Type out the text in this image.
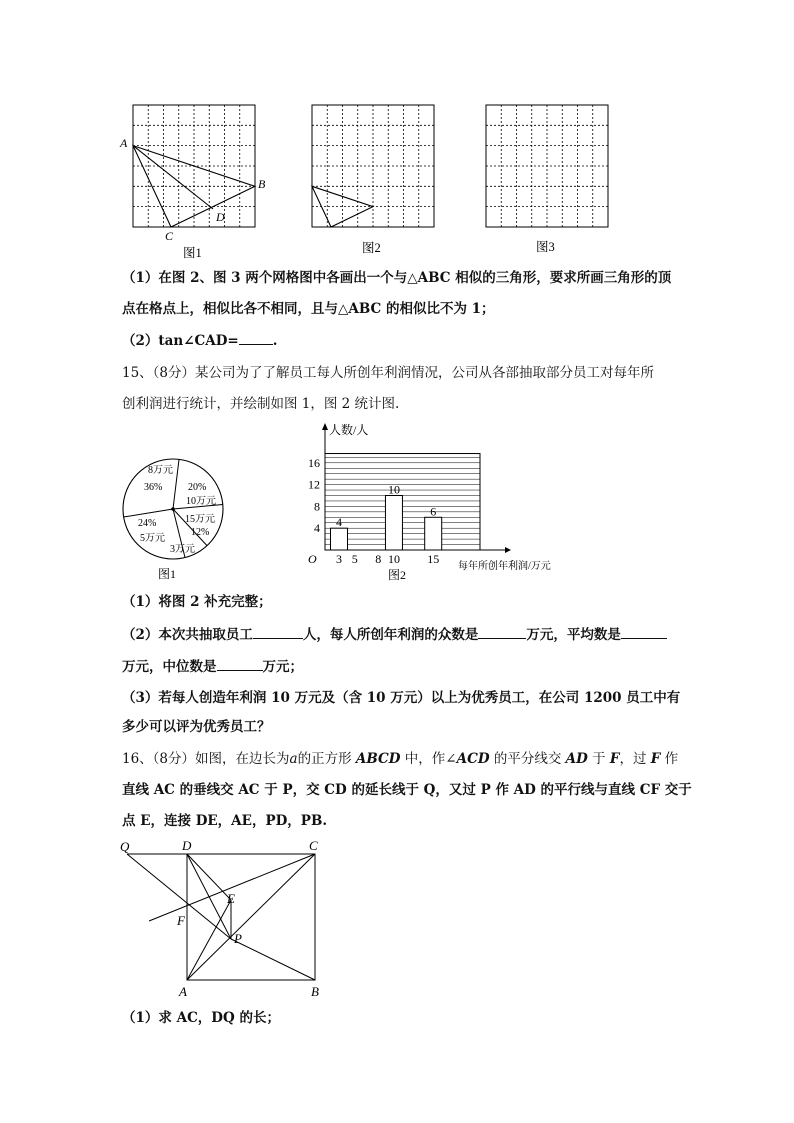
A
B
C
D
图1	图2	图3
（1）在图 2、图 3 两个网格图中各画出一个与△ABC 相似的三角形，要求所画三角形的顶
点在格点上，相似比各不相同，且与△ABC 的相似比不为 1；
（2）tan∠CAD=	.
15、（8分）某公司为了了解员工每人所创年利润情况，公司从各部抽取部分员工对每年所
创利润进行统计，并绘制如图 1，图 2 统计图.
8万元
36%	20%
10万元
15万元
12%
24%
5万元
3万元
图1
4
8
12
16
3 5 8 10 15
4
10
6
人数/人
O
每年所创年利润/万元
图2
（1）将图 2 补充完整；
（2）本次共抽取员工	人，每人所创年利润的众数是	万元，平均数是
万元，中位数是	万元；
（3）若每人创造年利润 10 万元及（含 10 万元）以上为优秀员工，在公司 1200 员工中有
多少可以评为优秀员工？
16、（8分）如图，在边长为a的正方形 ABCD 中，作∠ACD 的平分线交 AD 于 F，过 F 作
直线 AC 的垂线交 AC 于 P，交 CD 的延长线于 Q，又过 P 作 AD 的平行线与直线 CF 交于
点 E，连接 DE，AE，PD，PB.
Q	D	C
E
F
P
A	B
（1）求 AC，DQ 的长；
